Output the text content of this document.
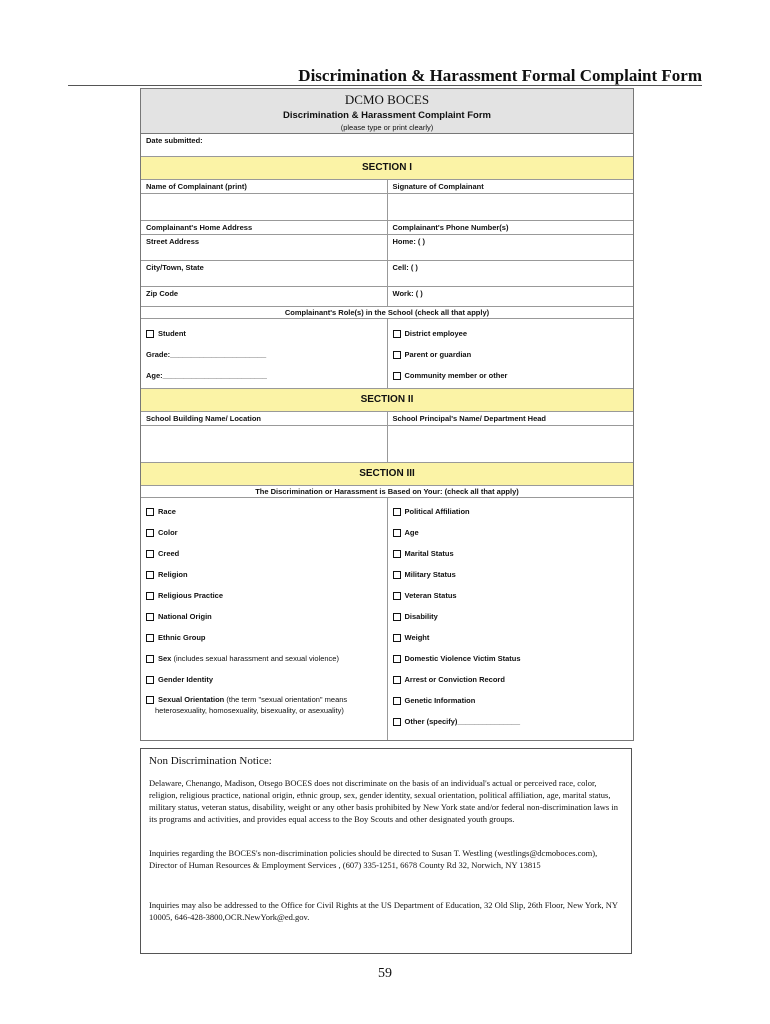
Discrimination & Harassment Formal Complaint Form
DCMO BOCES
Discrimination & Harassment Complaint Form
(please type or print clearly)
Date submitted:
SECTION I
Name of Complainant (print)	Signature of Complainant
Complainant's Home Address	Complainant's Phone Number(s)
Street Address	Home: ( )
City/Town, State	Cell: ( )
Zip Code	Work: ( )
Complainant's Role(s) in the School (check all that apply)
Student
Grade:_______________________
Age:_________________________
District employee
Parent or guardian
Community member or other
SECTION II
School Building Name/ Location	School Principal's Name/ Department Head
SECTION III
The Discrimination or Harassment is Based on Your: (check all that apply)
Race
Color
Creed
Religion
Religious Practice
National Origin
Ethnic Group
Sex (includes sexual harassment and sexual violence)
Gender Identity
Sexual Orientation (the term "sexual orientation" means
heterosexuality, homosexuality, bisexuality, or asexuality)
Political Affiliation
Age
Marital Status
Military Status
Veteran Status
Disability
Weight
Domestic Violence Victim Status
Arrest or Conviction Record
Genetic Information
Other (specify)_______________
Non Discrimination Notice:

Delaware, Chenango, Madison, Otsego BOCES does not discriminate on the basis of an individual's actual or perceived race, color, religion, religious practice, national origin, ethnic group, sex, gender identity, sexual orientation, political affiliation, age, marital status, military status, veteran status, disability, weight or any other basis prohibited by New York state and/or federal non-discrimination laws in its programs and activities, and provides equal access to the Boy Scouts and other designated youth groups.

Inquiries regarding the BOCES's non-discrimination policies should be directed to Susan T. Westling (westlings@dcmoboces.com), Director of Human Resources & Employment Services , (607) 335-1251, 6678 County Rd 32, Norwich, NY 13815

Inquiries may also be addressed to the Office for Civil Rights at the US Department of Education, 32 Old Slip, 26th Floor, New York, NY 10005, 646-428-3800,OCR.NewYork@ed.gov.

59
